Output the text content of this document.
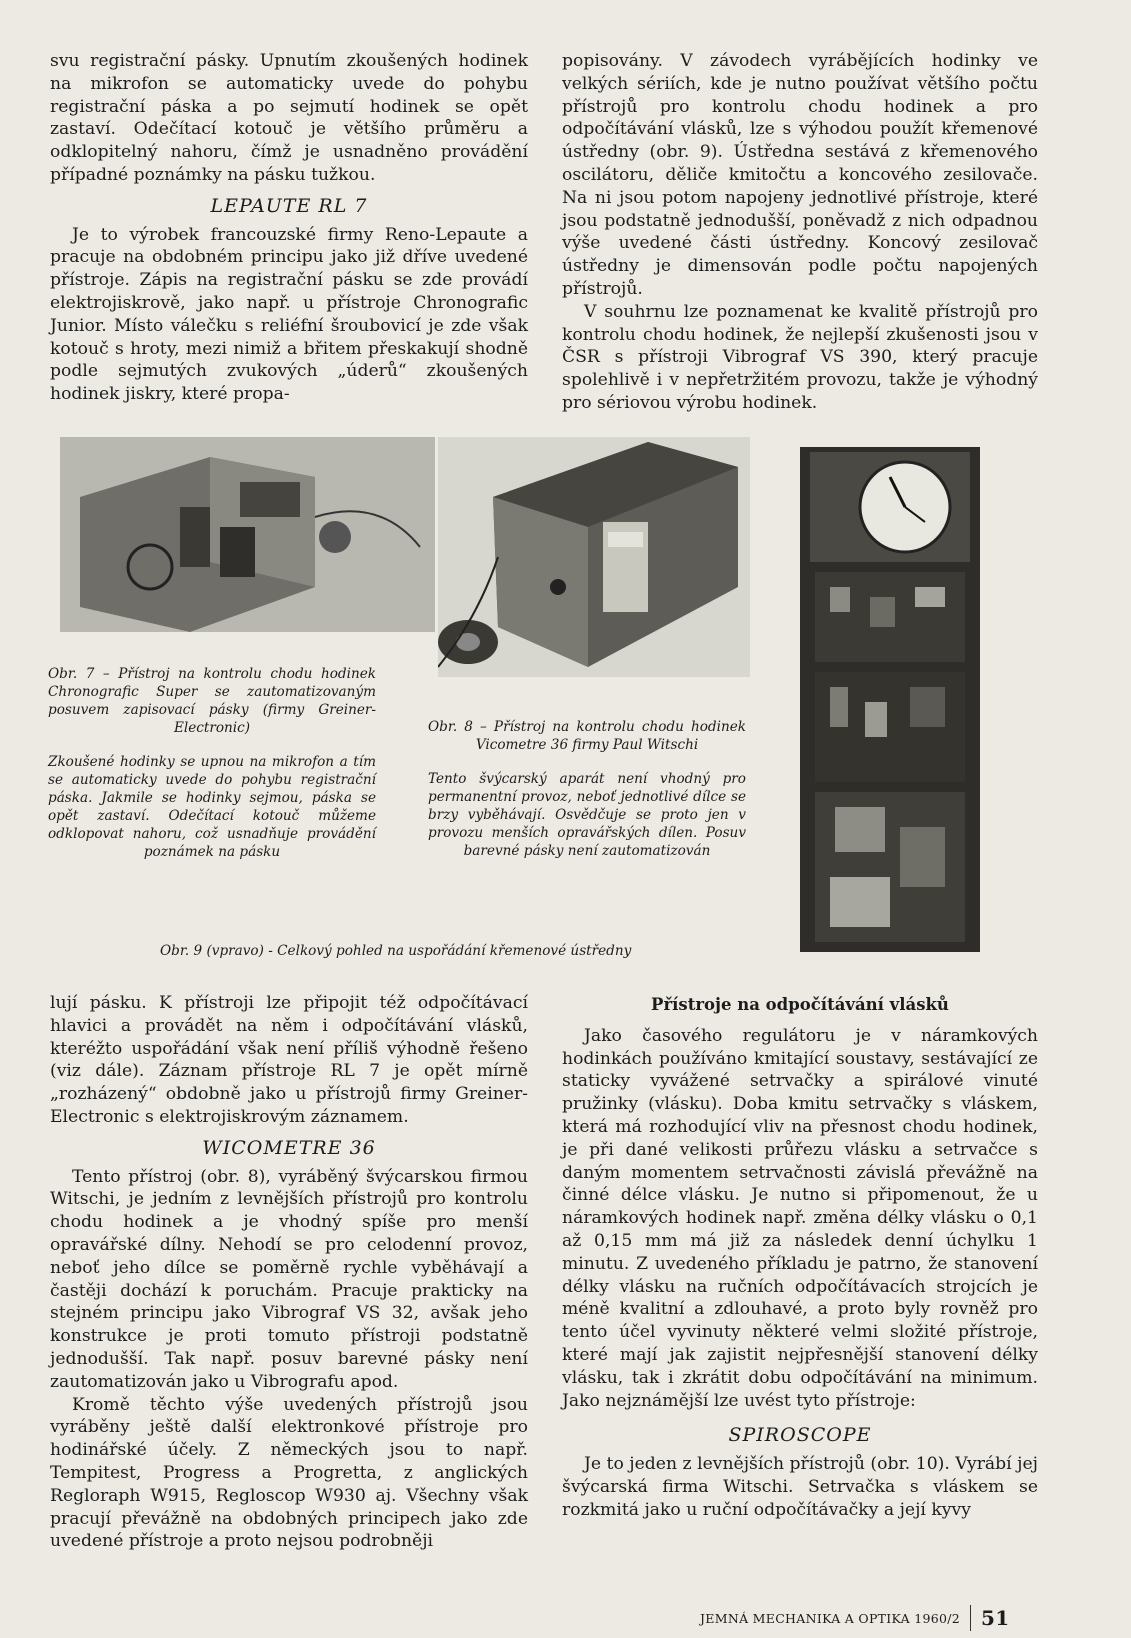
svu registrační pásky. Upnutím zkoušených hodinek na mikrofon se automaticky uvede do pohybu registrační páska a po sejmutí hodinek se opět zastaví. Odečítací kotouč je většího průměru a odklopitelný nahoru, čímž je usnadněno provádění případné poznámky na pásku tužkou.

LEPAUTE RL 7

Je to výrobek francouzské firmy Reno-Lepaute a pracuje na obdobném principu jako již dříve uvedené přístroje. Zápis na registrační pásku se zde provádí elektrojiskrově, jako např. u přístroje Chronografic Junior. Místo válečku s reliéfní šroubovicí je zde však kotouč s hroty, mezi nimiž a břitem přeskakují shodně podle sejmutých zvukových „úderů“ zkoušených hodinek jiskry, které propa-

popisovány. V závodech vyrábějících hodinky ve velkých sériích, kde je nutno používat většího počtu přístrojů pro kontrolu chodu hodinek a pro odpočítávání vlásků, lze s výhodou použít křemenové ústředny (obr. 9). Ústředna sestává z křemenového oscilátoru, děliče kmitočtu a koncového zesilovače. Na ni jsou potom napojeny jednotlivé přístroje, které jsou podstatně jednodušší, poněvadž z nich odpadnou výše uvedené části ústředny. Koncový zesilovač ústředny je dimensován podle počtu napojených přístrojů.

V souhrnu lze poznamenat ke kvalitě přístrojů pro kontrolu chodu hodinek, že nejlepší zkušenosti jsou v ČSR s přístroji Vibrograf VS 390, který pracuje spolehlivě i v nepřetržitém provozu, takže je výhodný pro sériovou výrobu hodinek.

Obr. 7 – Přístroj na kontrolu chodu hodinek Chronografic Super se zautomatizovaným posuvem zapisovací pásky (firmy Greiner-Electronic)

Zkoušené hodinky se upnou na mikrofon a tím se automaticky uvede do pohybu registrační páska. Jakmile se hodinky sejmou, páska se opět zastaví. Odečítací kotouč můžeme odklopovat nahoru, což usnadňuje provádění poznámek na pásku

Obr. 8 – Přístroj na kontrolu chodu hodinek Vicometre 36 firmy Paul Witschi

Tento švýcarský aparát není vhodný pro permanentní provoz, neboť jednotlivé dílce se brzy vyběhávají. Osvědčuje se proto jen v provozu menších opravářských dílen. Posuv barevné pásky není zautomatizován

Obr. 9 (vpravo) - Celkový pohled na uspořádání křemenové ústředny

lují pásku. K přístroji lze připojit též odpočítávací hlavici a provádět na něm i odpočítávání vlásků, kteréžto uspořádání však není příliš výhodně řešeno (viz dále). Záznam přístroje RL 7 je opět mírně „rozházený“ obdobně jako u přístrojů firmy Greiner-Electronic s elektrojiskrovým záznamem.

WICOMETRE 36

Tento přístroj (obr. 8), vyráběný švýcarskou firmou Witschi, je jedním z levnějších přístrojů pro kontrolu chodu hodinek a je vhodný spíše pro menší opravářské dílny. Nehodí se pro celodenní provoz, neboť jeho dílce se poměrně rychle vyběhávají a častěji dochází k poruchám. Pracuje prakticky na stejném principu jako Vibrograf VS 32, avšak jeho konstrukce je proti tomuto přístroji podstatně jednodušší. Tak např. posuv barevné pásky není zautomatizován jako u Vibrografu apod.

Kromě těchto výše uvedených přístrojů jsou vyráběny ještě další elektronkové přístroje pro hodinářské účely. Z německých jsou to např. Tempitest, Progress a Progretta, z anglických Regloraph W915, Regloscop W930 aj. Všechny však pracují převážně na obdobných principech jako zde uvedené přístroje a proto nejsou podrobněji

Přístroje na odpočítávání vlásků

Jako časového regulátoru je v náramkových hodinkách používáno kmitající soustavy, sestávající ze staticky vyvážené setrvačky a spirálové vinuté pružinky (vlásku). Doba kmitu setrvačky s vláskem, která má rozhodující vliv na přesnost chodu hodinek, je při dané velikosti průřezu vlásku a setrvačce s daným momentem setrvačnosti závislá převážně na činné délce vlásku. Je nutno si připomenout, že u náramkových hodinek např. změna délky vlásku o 0,1 až 0,15 mm má již za následek denní úchylku 1 minutu. Z uvedeného příkladu je patrno, že stanovení délky vlásku na ručních odpočítávacích strojcích je méně kvalitní a zdlouhavé, a proto byly rovněž pro tento účel vyvinuty některé velmi složité přístroje, které mají jak zajistit nejpřesnější stanovení délky vlásku, tak i zkrátit dobu odpočítávání na minimum. Jako nejznámější lze uvést tyto přístroje:

SPIROSCOPE

Je to jeden z levnějších přístrojů (obr. 10). Vyrábí jej švýcarská firma Witschi. Setrvačka s vláskem se rozkmitá jako u ruční odpočítávačky a její kyvy

JEMNÁ MECHANIKA A OPTIKA 1960/2 51
